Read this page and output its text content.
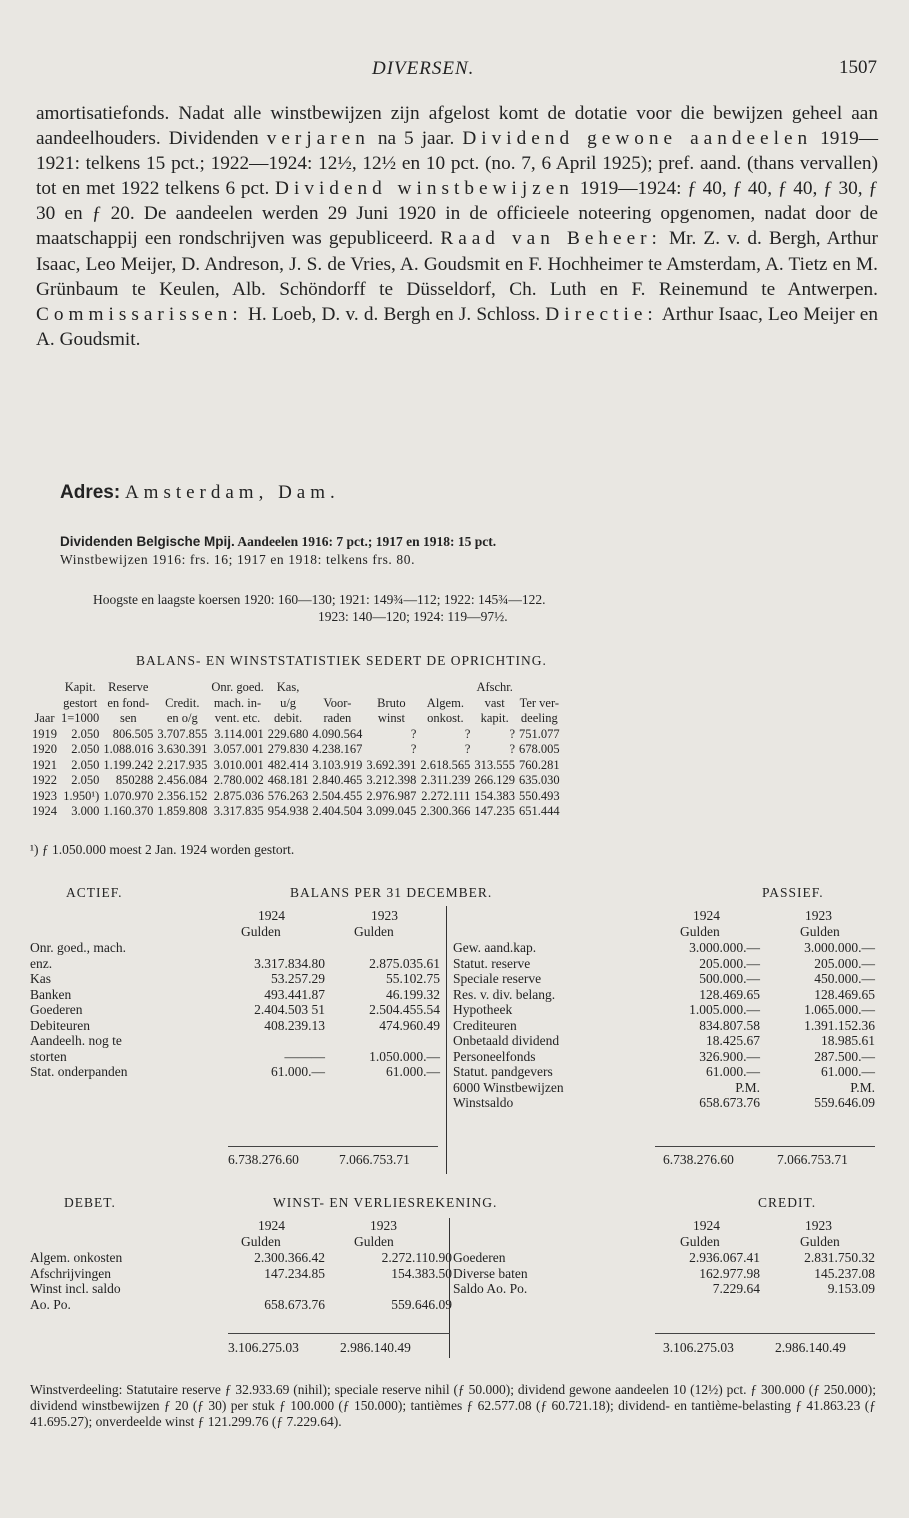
DIVERSEN.	1507
amortisatiefonds. Nadat alle winstbewijzen zijn afgelost komt de dotatie voor die bewijzen geheel aan aandeelhouders. Dividenden verjaren na 5 jaar. Dividend gewone aandeelen 1919—1921: telkens 15 pct.; 1922—1924: 12½, 12½ en 10 pct. (no. 7, 6 April 1925); pref. aand. (thans vervallen) tot en met 1922 telkens 6 pct. Dividend winstbewijzen 1919—1924: ƒ 40, ƒ 40, ƒ 40, ƒ 30, ƒ 30 en ƒ 20. De aandeelen werden 29 Juni 1920 in de officieele noteering opgenomen, nadat door de maatschappij een rondschrijven was gepubliceerd. Raad van Beheer: Mr. Z. v. d. Bergh, Arthur Isaac, Leo Meijer, D. Andreson, J. S. de Vries, A. Goudsmit en F. Hochheimer te Amsterdam, A. Tietz en M. Grünbaum te Keulen, Alb. Schöndorff te Düsseldorf, Ch. Luth en F. Reinemund te Antwerpen. Commissarissen: H. Loeb, D. v. d. Bergh en J. Schloss. Directie: Arthur Isaac, Leo Meijer en A. Goudsmit.
Adres: Amsterdam, Dam.
Dividenden Belgische Mpij. Aandeelen 1916: 7 pct.; 1917 en 1918: 15 pct.
Winstbewijzen 1916: frs. 16; 1917 en 1918: telkens frs. 80.
Hoogste en laagste koersen 1920: 160—130; 1921: 149¾—112; 1922: 145¾—122.
1923: 140—120; 1924: 119—97½.
BALANS- EN WINSTSTATISTIEK SEDERT DE OPRICHTING.
	Kapit.	Reserve		Onr. goed.	Kas,				Afschr.	
	gestort	en fond-	Credit.	mach. in-	u/g	Voor-	Bruto	Algem.	vast	Ter ver-
Jaar	1=1000	sen	en o/g	vent. etc.	debit.	raden	winst	onkost.	kapit.	deeling
1919	2.050	806.505	3.707.855	3.114.001	229.680	4.090.564	?	?	?	751.077
1920	2.050	1.088.016	3.630.391	3.057.001	279.830	4.238.167	?	?	?	678.005
1921	2.050	1.199.242	2.217.935	3.010.001	482.414	3.103.919	3.692.391	2.618.565	313.555	760.281
1922	2.050	850288	2.456.084	2.780.002	468.181	2.840.465	3.212.398	2.311.239	266.129	635.030
1923	1.950¹)	1.070.970	2.356.152	2.875.036	576.263	2.504.455	2.976.987	2.272.111	154.383	550.493
1924	3.000	1.160.370	1.859.808	3.317.835	954.938	2.404.504	3.099.045	2.300.366	147.235	651.444
¹) ƒ 1.050.000 moest 2 Jan. 1924 worden gestort.
ACTIEF.	BALANS PER 31 DECEMBER.	PASSIEF.
1924	1923
Gulden	Gulden
1924	1923
Gulden	Gulden
Onr. goed., mach.		
enz.	3.317.834.80	2.875.035.61
Kas	53.257.29	55.102.75
Banken	493.441.87	46.199.32
Goederen	2.404.503 51	2.504.455.54
Debiteuren	408.239.13	474.960.49
Aandeelh. nog te		
storten	———	1.050.000.—
Stat. onderpanden	61.000.—	61.000.—
Gew. aand.kap.	3.000.000.—	3.000.000.—
Statut. reserve	205.000.—	205.000.—
Speciale reserve	500.000.—	450.000.—
Res. v. div. belang.	128.469.65	128.469.65
Hypotheek	1.005.000.—	1.065.000.—
Crediteuren	834.807.58	1.391.152.36
Onbetaald dividend	18.425.67	18.985.61
Personeelfonds	326.900.—	287.500.—
Statut. pandgevers	61.000.—	61.000.—
6000 Winstbewijzen	P.M.	P.M.
Winstsaldo	658.673.76	559.646.09
6.738.276.60	7.066.753.71	6.738.276.60	7.066.753.71
DEBET.	WINST- EN VERLIESREKENING.	CREDIT.
1924	1923
Gulden	Gulden
1924	1923
Gulden	Gulden
Algem. onkosten	2.300.366.42	2.272.110.90
Afschrijvingen	147.234.85	154.383.50
Winst incl. saldo		
Ao. Po.	658.673.76	559.646.09
Goederen	2.936.067.41	2.831.750.32
Diverse baten	162.977.98	145.237.08
Saldo Ao. Po.	7.229.64	9.153.09
3.106.275.03	2.986.140.49	3.106.275.03	2.986.140.49
Winstverdeeling: Statutaire reserve ƒ 32.933.69 (nihil); speciale reserve nihil (ƒ 50.000); dividend gewone aandeelen 10 (12½) pct. ƒ 300.000 (ƒ 250.000); dividend winstbewijzen ƒ 20 (ƒ 30) per stuk ƒ 100.000 (ƒ 150.000); tantièmes ƒ 62.577.08 (ƒ 60.721.18); dividend- en tantième-belasting ƒ 41.863.23 (ƒ 41.695.27); onverdeelde winst ƒ 121.299.76 (ƒ 7.229.64).
